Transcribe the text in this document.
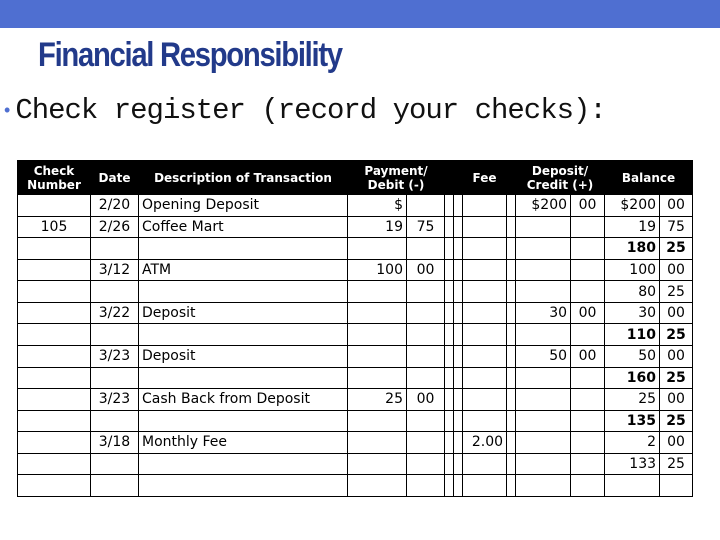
Financial Responsibility
• Check register (record your checks):
Check Number	Date	Description of Transaction	Payment/ Debit (-)				Fee		Deposit/ Credit (+)		Balance	
	2/20	Opening Deposit	$						$200	00	$200	00
105	2/26	Coffee Mart	19	75							19	75
											180	25
	3/12	ATM	100	00							100	00
											80	25
	3/22	Deposit							30	00	30	00
											110	25
	3/23	Deposit							50	00	50	00
											160	25
	3/23	Cash Back from Deposit	25	00							25	00
											135	25
	3/18	Monthly Fee					2.00				2	00
											133	25
